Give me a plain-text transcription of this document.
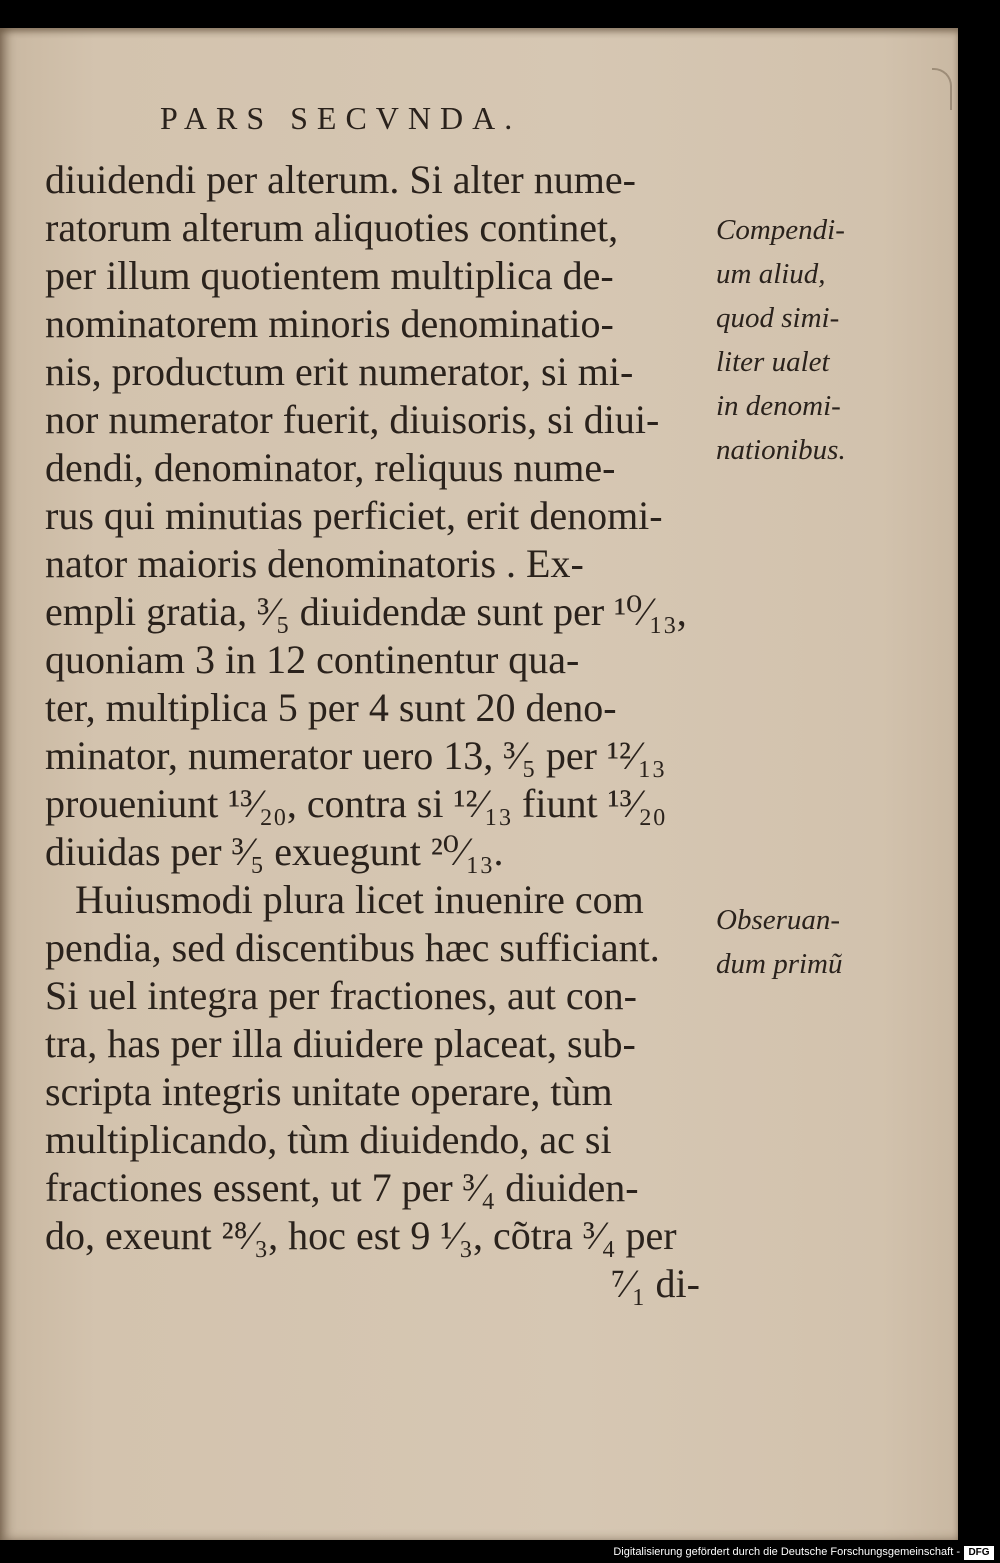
PARS SECVNDA.
diuidendi per alterum. Si alter nume-
ratorum alterum aliquoties continet,
per illum quotientem multiplica de-
nominatorem minoris denominatio-
nis, productum erit numerator, si mi-
nor numerator fuerit, diuisoris, si diui-
dendi, denominator, reliquus nume-
rus qui minutias perficiet, erit denomi-
nator maioris denominatoris . Ex-
empli gratia, ³⁄₅ diuidendæ sunt per ¹⁰⁄₁₃,
quoniam 3 in 12 continentur qua-
ter, multiplica 5 per 4 sunt 20 deno-
minator, numerator uero 13, ³⁄₅ per ¹²⁄₁₃
proueniunt ¹³⁄₂₀, contra si ¹²⁄₁₃ fiunt ¹³⁄₂₀
diuidas per ³⁄₅ exuegunt ²⁰⁄₁₃.
Huiusmodi plura licet inuenire com
pendia, sed discentibus hæc sufficiant.
Si uel integra per fractiones, aut con-
tra, has per illa diuidere placeat, sub-
scripta integris unitate operare, tùm
multiplicando, tùm diuidendo, ac si
fractiones essent, ut 7 per ³⁄₄ diuiden-
do, exeunt ²⁸⁄₃, hoc est 9 ¹⁄₃, cõtra ³⁄₄ per
⁷⁄₁ di-
Compendi-
um aliud,
quod simi-
liter ualet
in denomi-
nationibus.
Obseruan-
dum primũ
Digitalisierung gefördert durch die Deutsche Forschungsgemeinschaft - DFG
